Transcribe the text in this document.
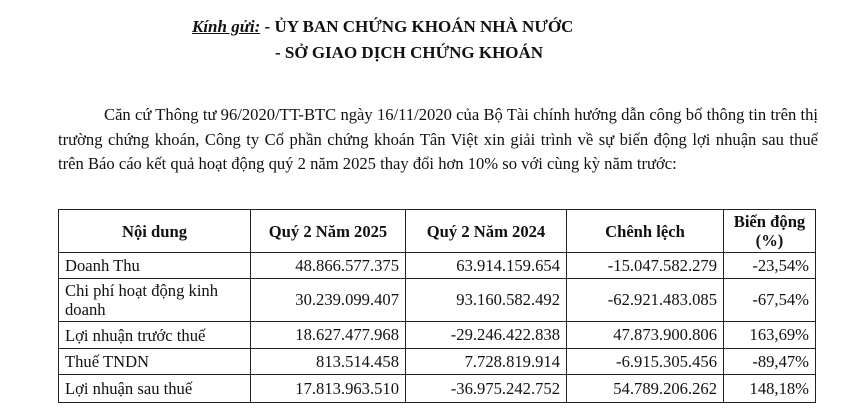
Kính gửi: - ỦY BAN CHỨNG KHOÁN NHÀ NƯỚC
- SỞ GIAO DỊCH CHỨNG KHOÁN
Căn cứ Thông tư 96/2020/TT-BTC ngày 16/11/2020 của Bộ Tài chính hướng dẫn công bố thông tin trên thị trường chứng khoán, Công ty Cổ phần chứng khoán Tân Việt xin giải trình về sự biến động lợi nhuận sau thuế trên Báo cáo kết quả hoạt động quý 2 năm 2025 thay đổi hơn 10% so với cùng kỳ năm trước:
Nội dung	Quý 2 Năm 2025	Quý 2 Năm 2024	Chênh lệch	Biến động (%)
Doanh Thu	48.866.577.375	63.914.159.654	-15.047.582.279	-23,54%
Chi phí hoạt động kinh doanh	30.239.099.407	93.160.582.492	-62.921.483.085	-67,54%
Lợi nhuận trước thuế	18.627.477.968	-29.246.422.838	47.873.900.806	163,69%
Thuế TNDN	813.514.458	7.728.819.914	-6.915.305.456	-89,47%
Lợi nhuận sau thuế	17.813.963.510	-36.975.242.752	54.789.206.262	148,18%
